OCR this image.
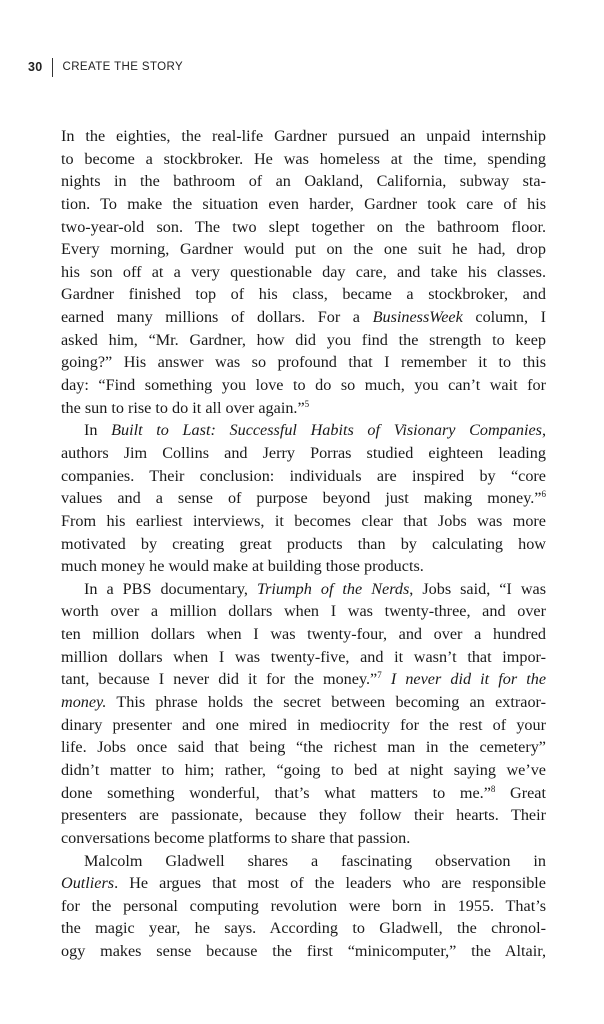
30 CREATE THE STORY
In the eighties, the real-life Gardner pursued an unpaid internship
to become a stockbroker. He was homeless at the time, spending
nights in the bathroom of an Oakland, California, subway sta-
tion. To make the situation even harder, Gardner took care of his
two-year-old son. The two slept together on the bathroom floor.
Every morning, Gardner would put on the one suit he had, drop
his son off at a very questionable day care, and take his classes.
Gardner finished top of his class, became a stockbroker, and
earned many millions of dollars. For a BusinessWeek column, I
asked him, “Mr. Gardner, how did you find the strength to keep
going?” His answer was so profound that I remember it to this
day: “Find something you love to do so much, you can’t wait for
the sun to rise to do it all over again.”$^5$
In Built to Last: Successful Habits of Visionary Companies,
authors Jim Collins and Jerry Porras studied eighteen leading
companies. Their conclusion: individuals are inspired by “core
values and a sense of purpose beyond just making money.”$^6$
From his earliest interviews, it becomes clear that Jobs was more
motivated by creating great products than by calculating how
much money he would make at building those products.
In a PBS documentary, Triumph of the Nerds, Jobs said, “I was
worth over a million dollars when I was twenty-three, and over
ten million dollars when I was twenty-four, and over a hundred
million dollars when I was twenty-five, and it wasn’t that impor-
tant, because I never did it for the money.”$^7$ I never did it for the
money. This phrase holds the secret between becoming an extraor-
dinary presenter and one mired in mediocrity for the rest of your
life. Jobs once said that being “the richest man in the cemetery”
didn’t matter to him; rather, “going to bed at night saying we’ve
done something wonderful, that’s what matters to me.”$^8$ Great
presenters are passionate, because they follow their hearts. Their
conversations become platforms to share that passion.
Malcolm Gladwell shares a fascinating observation in
Outliers. He argues that most of the leaders who are responsible
for the personal computing revolution were born in 1955. That’s
the magic year, he says. According to Gladwell, the chronol-
ogy makes sense because the first “minicomputer,” the Altair,
